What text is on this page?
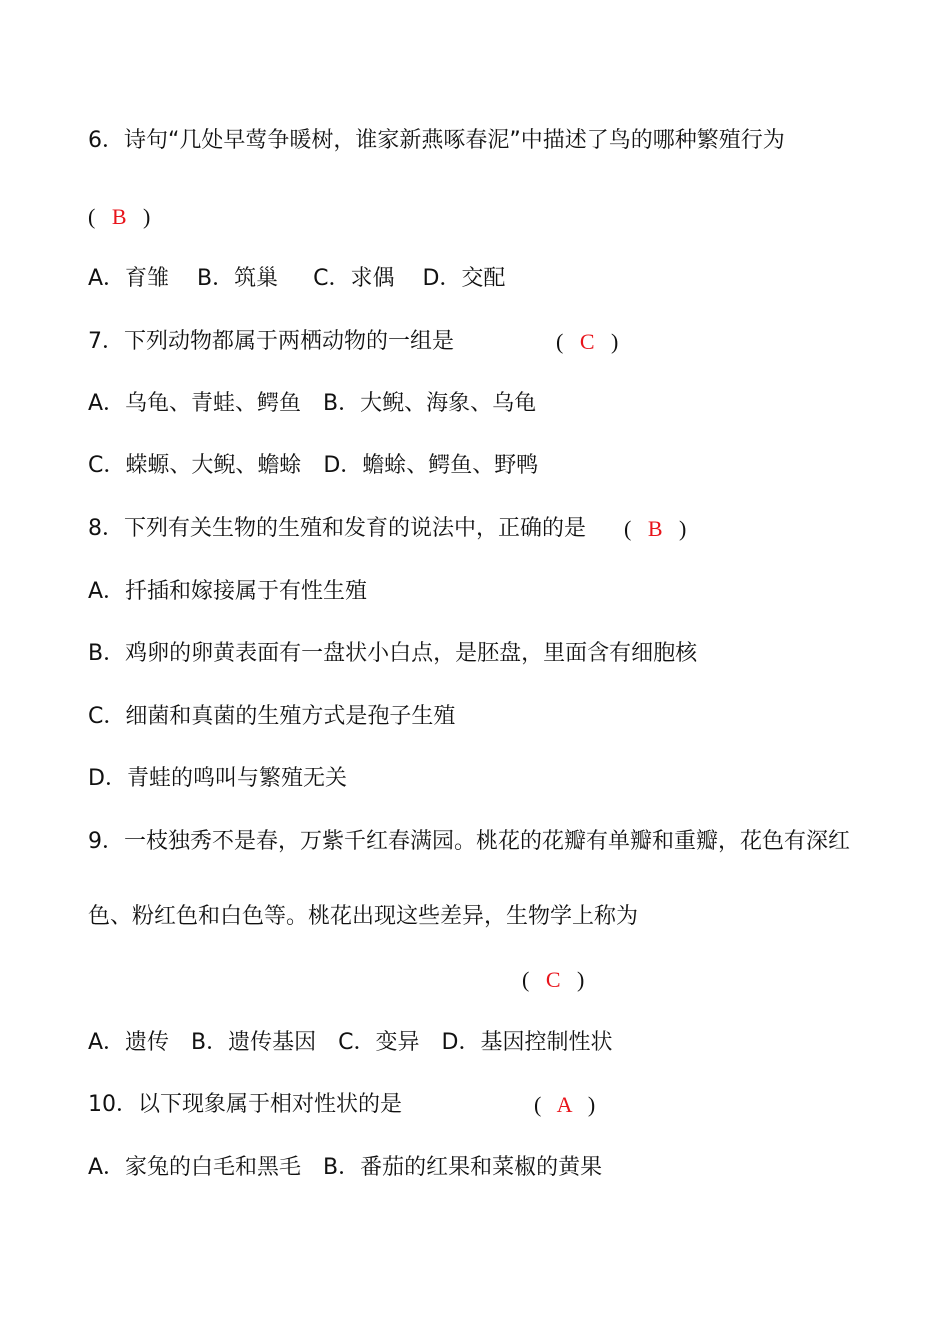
6．诗句“几处早莺争暖树，谁家新燕啄春泥”中描述了鸟的哪种繁殖行为
(   B   )
A．育雏 B．筑巢 C．求偶 D．交配
7．下列动物都属于两栖动物的一组是	(   C   )
A．乌龟、青蛙、鳄鱼　B．大鲵、海象、乌龟
C．蝾螈、大鲵、蟾蜍　D．蟾蜍、鳄鱼、野鸭
8．下列有关生物的生殖和发育的说法中，正确的是 (   B   )
A．扦插和嫁接属于有性生殖
B．鸡卵的卵黄表面有一盘状小白点，是胚盘，里面含有细胞核
C．细菌和真菌的生殖方式是孢子生殖
D．青蛙的鸣叫与繁殖无关
9．一枝独秀不是春，万紫千红春满园。桃花的花瓣有单瓣和重瓣，花色有深红
色、粉红色和白色等。桃花出现这些差异，生物学上称为
(   C   )
A．遗传　B．遗传基因　C．变异　D．基因控制性状
10．以下现象属于相对性状的是	(   A   )
A．家兔的白毛和黑毛　B．番茄的红果和菜椒的黄果
